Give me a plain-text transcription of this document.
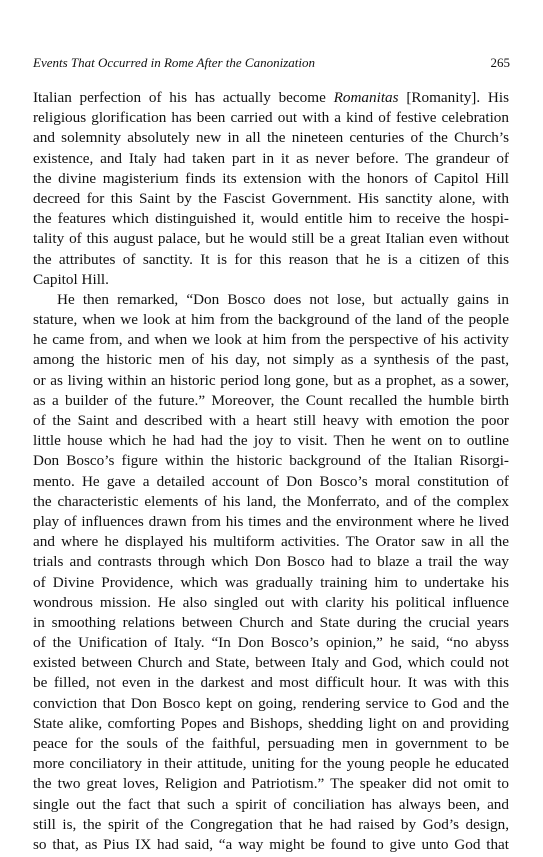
Events That Occurred in Rome After the Canonization	265
Italian perfection of his has actually become Romanitas [Romanity]. His
religious glorification has been carried out with a kind of festive celebration
and solemnity absolutely new in all the nineteen centuries of the Church’s
existence, and Italy had taken part in it as never before. The grandeur of
the divine magisterium finds its extension with the honors of Capitol Hill
decreed for this Saint by the Fascist Government. His sanctity alone, with
the features which distinguished it, would entitle him to receive the hospi-
tality of this august palace, but he would still be a great Italian even without
the attributes of sanctity. It is for this reason that he is a citizen of this
Capitol Hill.
He then remarked, “Don Bosco does not lose, but actually gains in
stature, when we look at him from the background of the land of the people
he came from, and when we look at him from the perspective of his activity
among the historic men of his day, not simply as a synthesis of the past,
or as living within an historic period long gone, but as a prophet, as a sower,
as a builder of the future.” Moreover, the Count recalled the humble birth
of the Saint and described with a heart still heavy with emotion the poor
little house which he had had the joy to visit. Then he went on to outline
Don Bosco’s figure within the historic background of the Italian Risorgi-
mento. He gave a detailed account of Don Bosco’s moral constitution of
the characteristic elements of his land, the Monferrato, and of the complex
play of influences drawn from his times and the environment where he lived
and where he displayed his multiform activities. The Orator saw in all the
trials and contrasts through which Don Bosco had to blaze a trail the way
of Divine Providence, which was gradually training him to undertake his
wondrous mission. He also singled out with clarity his political influence
in smoothing relations between Church and State during the crucial years
of the Unification of Italy. “In Don Bosco’s opinion,” he said, “no abyss
existed between Church and State, between Italy and God, which could not
be filled, not even in the darkest and most difficult hour. It was with this
conviction that Don Bosco kept on going, rendering service to God and the
State alike, comforting Popes and Bishops, shedding light on and providing
peace for the souls of the faithful, persuading men in government to be
more conciliatory in their attitude, uniting for the young people he educated
the two great loves, Religion and Patriotism.” The speaker did not omit to
single out the fact that such a spirit of conciliation has always been, and
still is, the spirit of the Congregation that he had raised by God’s design,
so that, as Pius IX had said, “a way might be found to give unto God that
